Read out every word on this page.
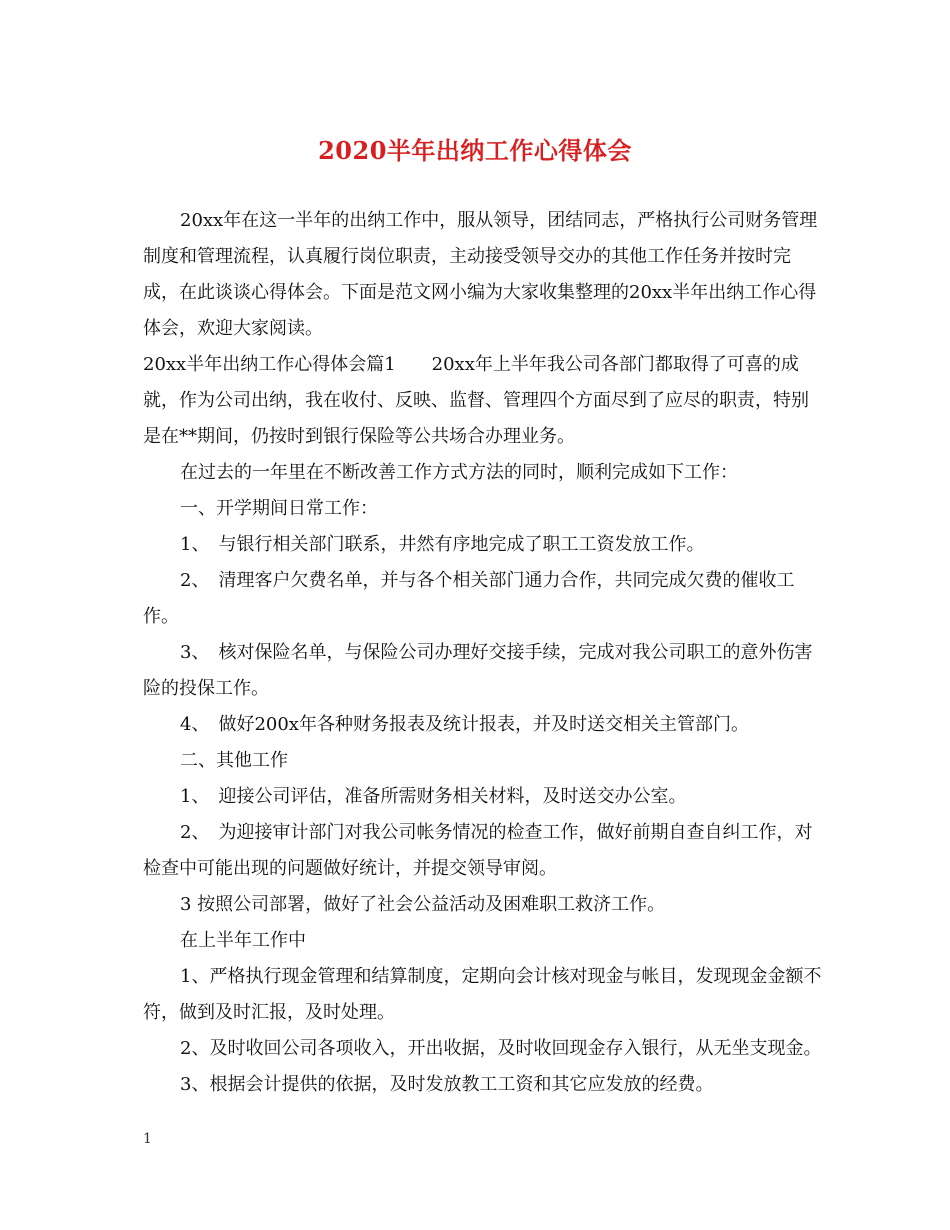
2020半年出纳工作心得体会

20xx年在这一半年的出纳工作中，服从领导，团结同志，严格执行公司财务管理制度和管理流程，认真履行岗位职责，主动接受领导交办的其他工作任务并按时完成，在此谈谈心得体会。下面是范文网小编为大家收集整理的20xx半年出纳工作心得体会，欢迎大家阅读。

20xx半年出纳工作心得体会篇1　　20xx年上半年我公司各部门都取得了可喜的成就，作为公司出纳，我在收付、反映、监督、管理四个方面尽到了应尽的职责，特别是在**期间，仍按时到银行保险等公共场合办理业务。

在过去的一年里在不断改善工作方式方法的同时，顺利完成如下工作：

一、开学期间日常工作：

1、　与银行相关部门联系，井然有序地完成了职工工资发放工作。

2、　清理客户欠费名单，并与各个相关部门通力合作，共同完成欠费的催收工作。

3、　核对保险名单，与保险公司办理好交接手续，完成对我公司职工的意外伤害险的投保工作。

4、　做好200x年各种财务报表及统计报表，并及时送交相关主管部门。

二、其他工作

1、　迎接公司评估，准备所需财务相关材料，及时送交办公室。

2、　为迎接审计部门对我公司帐务情况的检查工作，做好前期自查自纠工作，对检查中可能出现的问题做好统计，并提交领导审阅。

3 按照公司部署，做好了社会公益活动及困难职工救济工作。

在上半年工作中

1、严格执行现金管理和结算制度，定期向会计核对现金与帐目，发现现金金额不符，做到及时汇报，及时处理。

2、及时收回公司各项收入，开出收据，及时收回现金存入银行，从无坐支现金。

3、根据会计提供的依据，及时发放教工工资和其它应发放的经费。

1
